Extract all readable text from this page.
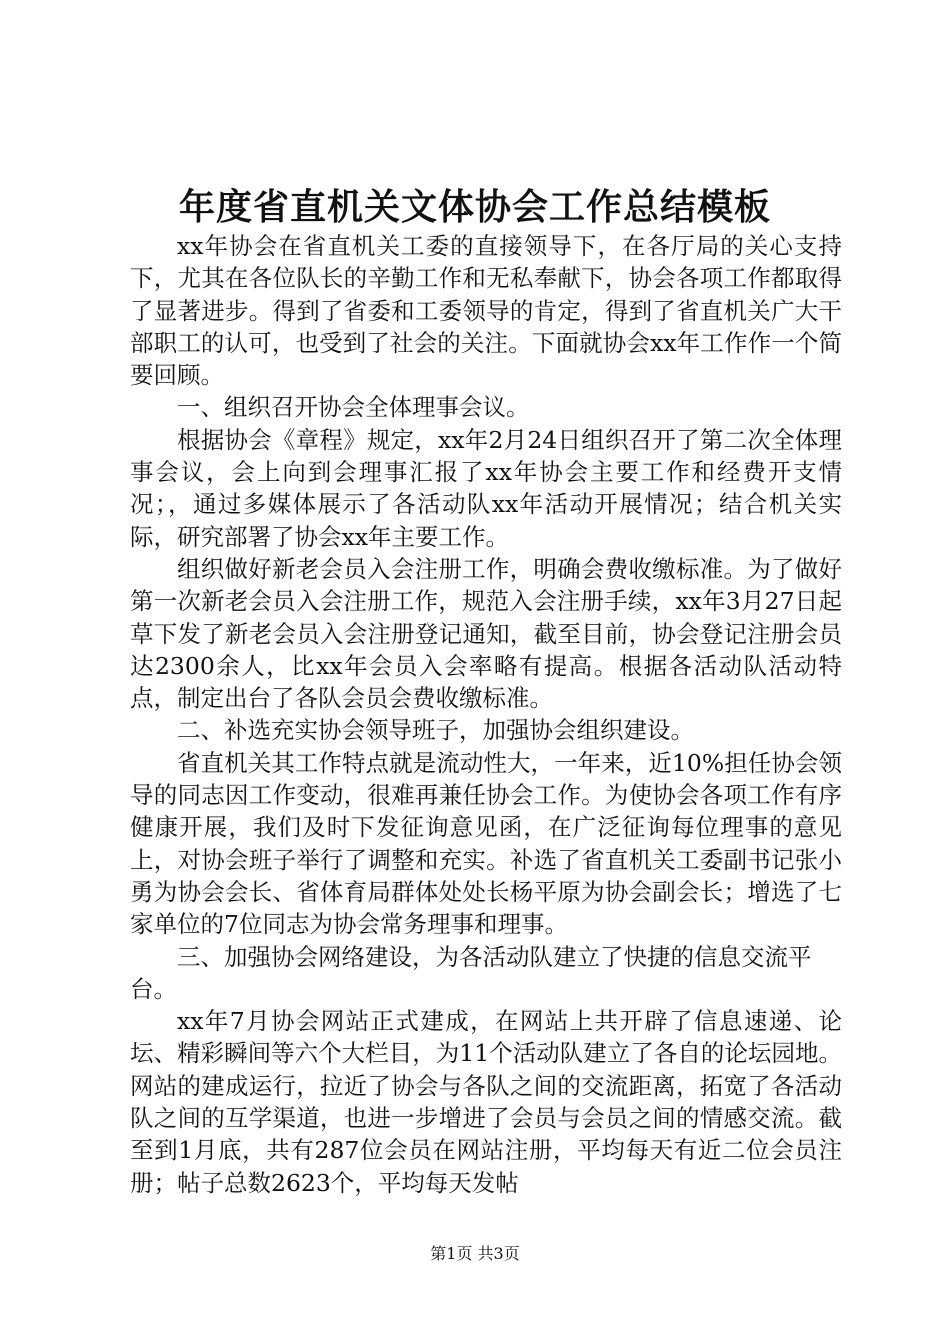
年度省直机关文体协会工作总结模板

xx年协会在省直机关工委的直接领导下，在各厅局的关心支持下，尤其在各位队长的辛勤工作和无私奉献下，协会各项工作都取得了显著进步。得到了省委和工委领导的肯定，得到了省直机关广大干部职工的认可，也受到了社会的关注。下面就协会xx年工作作一个简要回顾。

一、组织召开协会全体理事会议。

根据协会《章程》规定，xx年2月24日组织召开了第二次全体理事会议，会上向到会理事汇报了xx年协会主要工作和经费开支情况；，通过多媒体展示了各活动队xx年活动开展情况；结合机关实际，研究部署了协会xx年主要工作。

组织做好新老会员入会注册工作，明确会费收缴标准。为了做好第一次新老会员入会注册工作，规范入会注册手续，xx年3月27日起草下发了新老会员入会注册登记通知，截至目前，协会登记注册会员达2300余人，比xx年会员入会率略有提高。根据各活动队活动特点，制定出台了各队会员会费收缴标准。

二、补选充实协会领导班子，加强协会组织建设。

省直机关其工作特点就是流动性大，一年来，近10%担任协会领导的同志因工作变动，很难再兼任协会工作。为使协会各项工作有序健康开展，我们及时下发征询意见函，在广泛征询每位理事的意见上，对协会班子举行了调整和充实。补选了省直机关工委副书记张小勇为协会会长、省体育局群体处处长杨平原为协会副会长；增选了七家单位的7位同志为协会常务理事和理事。

三、加强协会网络建设，为各活动队建立了快捷的信息交流平台。

xx年7月协会网站正式建成，在网站上共开辟了信息速递、论坛、精彩瞬间等六个大栏目，为11个活动队建立了各自的论坛园地。网站的建成运行，拉近了协会与各队之间的交流距离，拓宽了各活动队之间的互学渠道，也进一步增进了会员与会员之间的情感交流。截至到1月底，共有287位会员在网站注册，平均每天有近二位会员注册；帖子总数2623个，平均每天发帖

第1页 共3页
